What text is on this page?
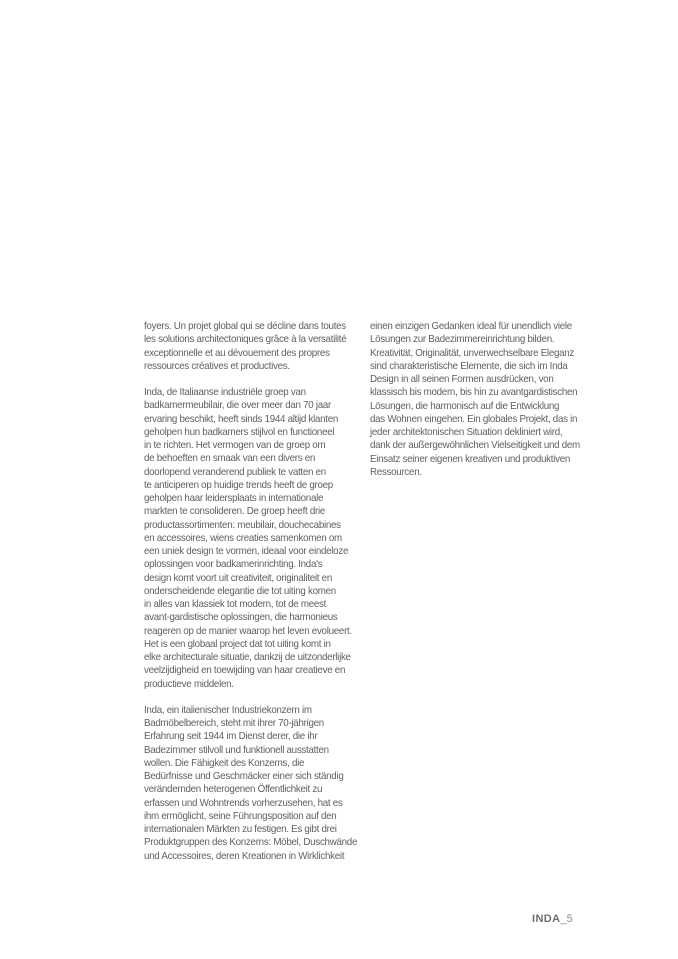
foyers. Un projet global qui se décline dans toutes
les solutions architectoniques grâce à la versatilité
exceptionnelle et au dévouement des propres
ressources créatives et productives.
Inda, de Italiaanse industriële groep van
badkamermeubilair, die over meer dan 70 jaar
ervaring beschikt, heeft sinds 1944 altijd klanten
geholpen hun badkamers stijlvol en functioneel
in te richten. Het vermogen van de groep om
de behoeften en smaak van een divers en
doorlopend veranderend publiek te vatten en
te anticiperen op huidige trends heeft de groep
geholpen haar leidersplaats in internationale
markten te consolideren. De groep heeft drie
productassortimenten: meubilair, douchecabines
en accessoires, wiens creaties samenkomen om
een uniek design te vormen, ideaal voor eindeloze
oplossingen voor badkamerinrichting. Inda's
design komt voort uit creativiteit, originaliteit en
onderscheidende elegantie die tot uiting komen
in alles van klassiek tot modern, tot de meest
avant-gardistische oplossingen, die harmonieus
reageren op de manier waarop het leven evolueert.
Het is een globaal project dat tot uiting komt in
elke architecturale situatie, dankzij de uitzonderlijke
veelzijdigheid en toewijding van haar creatieve en
productieve middelen.
Inda, ein italienischer Industriekonzern im
Badmöbelbereich, steht mit ihrer 70-jährigen
Erfahrung seit 1944 im Dienst derer, die ihr
Badezimmer stilvoll und funktionell ausstatten
wollen. Die Fähigkeit des Konzerns, die
Bedürfnisse und Geschmäcker einer sich ständig
verändernden heterogenen Öffentlichkeit zu
erfassen und Wohntrends vorherzusehen, hat es
ihm ermöglicht, seine Führungsposition auf den
internationalen Märkten zu festigen. Es gibt drei
Produktgruppen des Konzerns: Möbel, Duschwände
und Accessoires, deren Kreationen in Wirklichkeit
einen einzigen Gedanken ideal für unendlich viele
Lösungen zur Badezimmereinrichtung bilden.
Kreativität, Originalität, unverwechselbare Eleganz
sind charakteristische Elemente, die sich im Inda
Design in all seinen Formen ausdrücken, von
klassisch bis modern, bis hin zu avantgardistischen
Lösungen, die harmonisch auf die Entwicklung
das Wohnen eingehen. Ein globales Projekt, das in
jeder architektonischen Situation dekliniert wird,
dank der außergewöhnlichen Vielseitigkeit und dem
Einsatz seiner eigenen kreativen und produktiven
Ressourcen.
INDA_5
